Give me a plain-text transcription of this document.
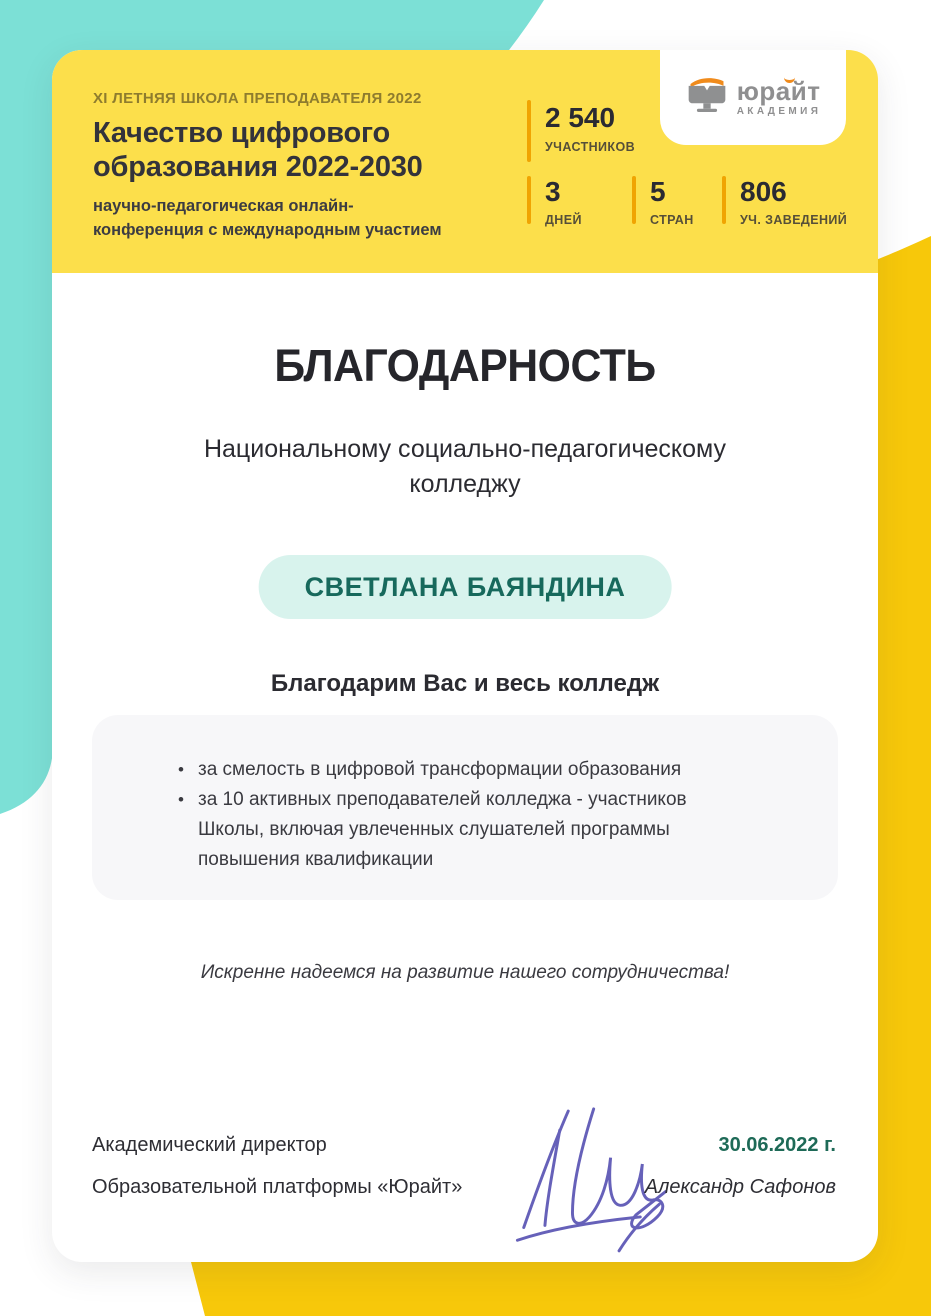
XI ЛЕТНЯЯ ШКОЛА ПРЕПОДАВАТЕЛЯ 2022
Качество цифрового образования 2022-2030
научно-педагогическая онлайн-конференция с международным участием
2 540
УЧАСТНИКОВ
3
ДНЕЙ
5
СТРАН
806
УЧ. ЗАВЕДЕНИЙ
юрайт
АКАДЕМИЯ
БЛАГОДАРНОСТЬ
Национальному социально-педагогическому колледжу
СВЕТЛАНА БАЯНДИНА
Благодарим Вас и весь колледж
• за смелость в цифровой трансформации образования
• за 10 активных преподавателей колледжа - участников Школы, включая увлеченных слушателей программы повышения квалификации
Искренне надеемся на развитие нашего сотрудничества!
Академический директор
Образовательной платформы «Юрайт»
30.06.2022 г.
Александр Сафонов
